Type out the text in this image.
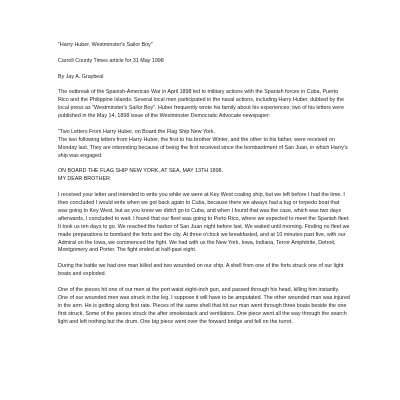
"Harry Huber, Westminster's Sailor Boy"

Carroll County Times article for 31 May 1998

By Jay A. Graybeal

The outbreak of the Spanish-American War in April 1898 led to military actions with the Spanish forces in Cuba, Puerto Rico and the Philippine Islands. Several local men participated in the naval actions, including Harry Huber, dubbed by the local press as "Westminster's Sailor Boy". Huber frequently wrote his family about his experiences; two of his letters were published in the May 14, 1898 issue of the Westminster Democratic Advocate newspaper:

"Two Letters From Harry Huber, on Board the Flag Ship New York.

The two following letters from Harry Huber, the first to his brother Winter, and the other to his father, were received on Monday last. They are interesting because of being the first received since the bombardment of San Juan, in which Harry's ship was engaged:

ON BOARD THE FLAG SHIP NEW YORK, AT SEA, MAY 13TH 1898.

MY DEAR BROTHER:

I received your letter and intended to write you while we were at Key West coaling ship, but we left before I had the time. I then concluded I would write when we got back again to Cuba, because there we always had a tug or torpedo boat that was going to Key West, but as you know we didn't go to Cuba, and when I found that was the case, which was two days afterwards, I concluded to wait. I found that our fleet was going to Porto Rico, where we expected to meet the Spanish fleet. It took us ten days to go. We reached the harbor of San Juan night before last. We waited until morning. Finding no fleet we made preparations to bombard the forts and the city. At three o'clock we breakfasted, and at 10 minutes past five, with our Admiral on the Iowa, we commenced the fight. We had with us the New York, Iowa, Indiana, Terror Amphitrite, Detroit, Montgomery and Porter. The fight ended at half-past eight.

During the battle we had one man killed and two wounded on our ship. A shell from one of the forts struck one of our light boats and exploded.

One of the pieces hit one of our men at the port waist eight-inch gun, and passed through his head, killing him instantly. One of our wounded men was struck in the leg. I suppose it will have to be amputated. The other wounded man was injured in the arm. He is getting along first rate. Pieces of the same shell that hit our man went through three boats beside the one first struck. Some of the pieces struck the after smokestack and ventilators. One piece went all the way through the search light and left nothing but the drum. One big piece went over the forward bridge and fell on the turret.
